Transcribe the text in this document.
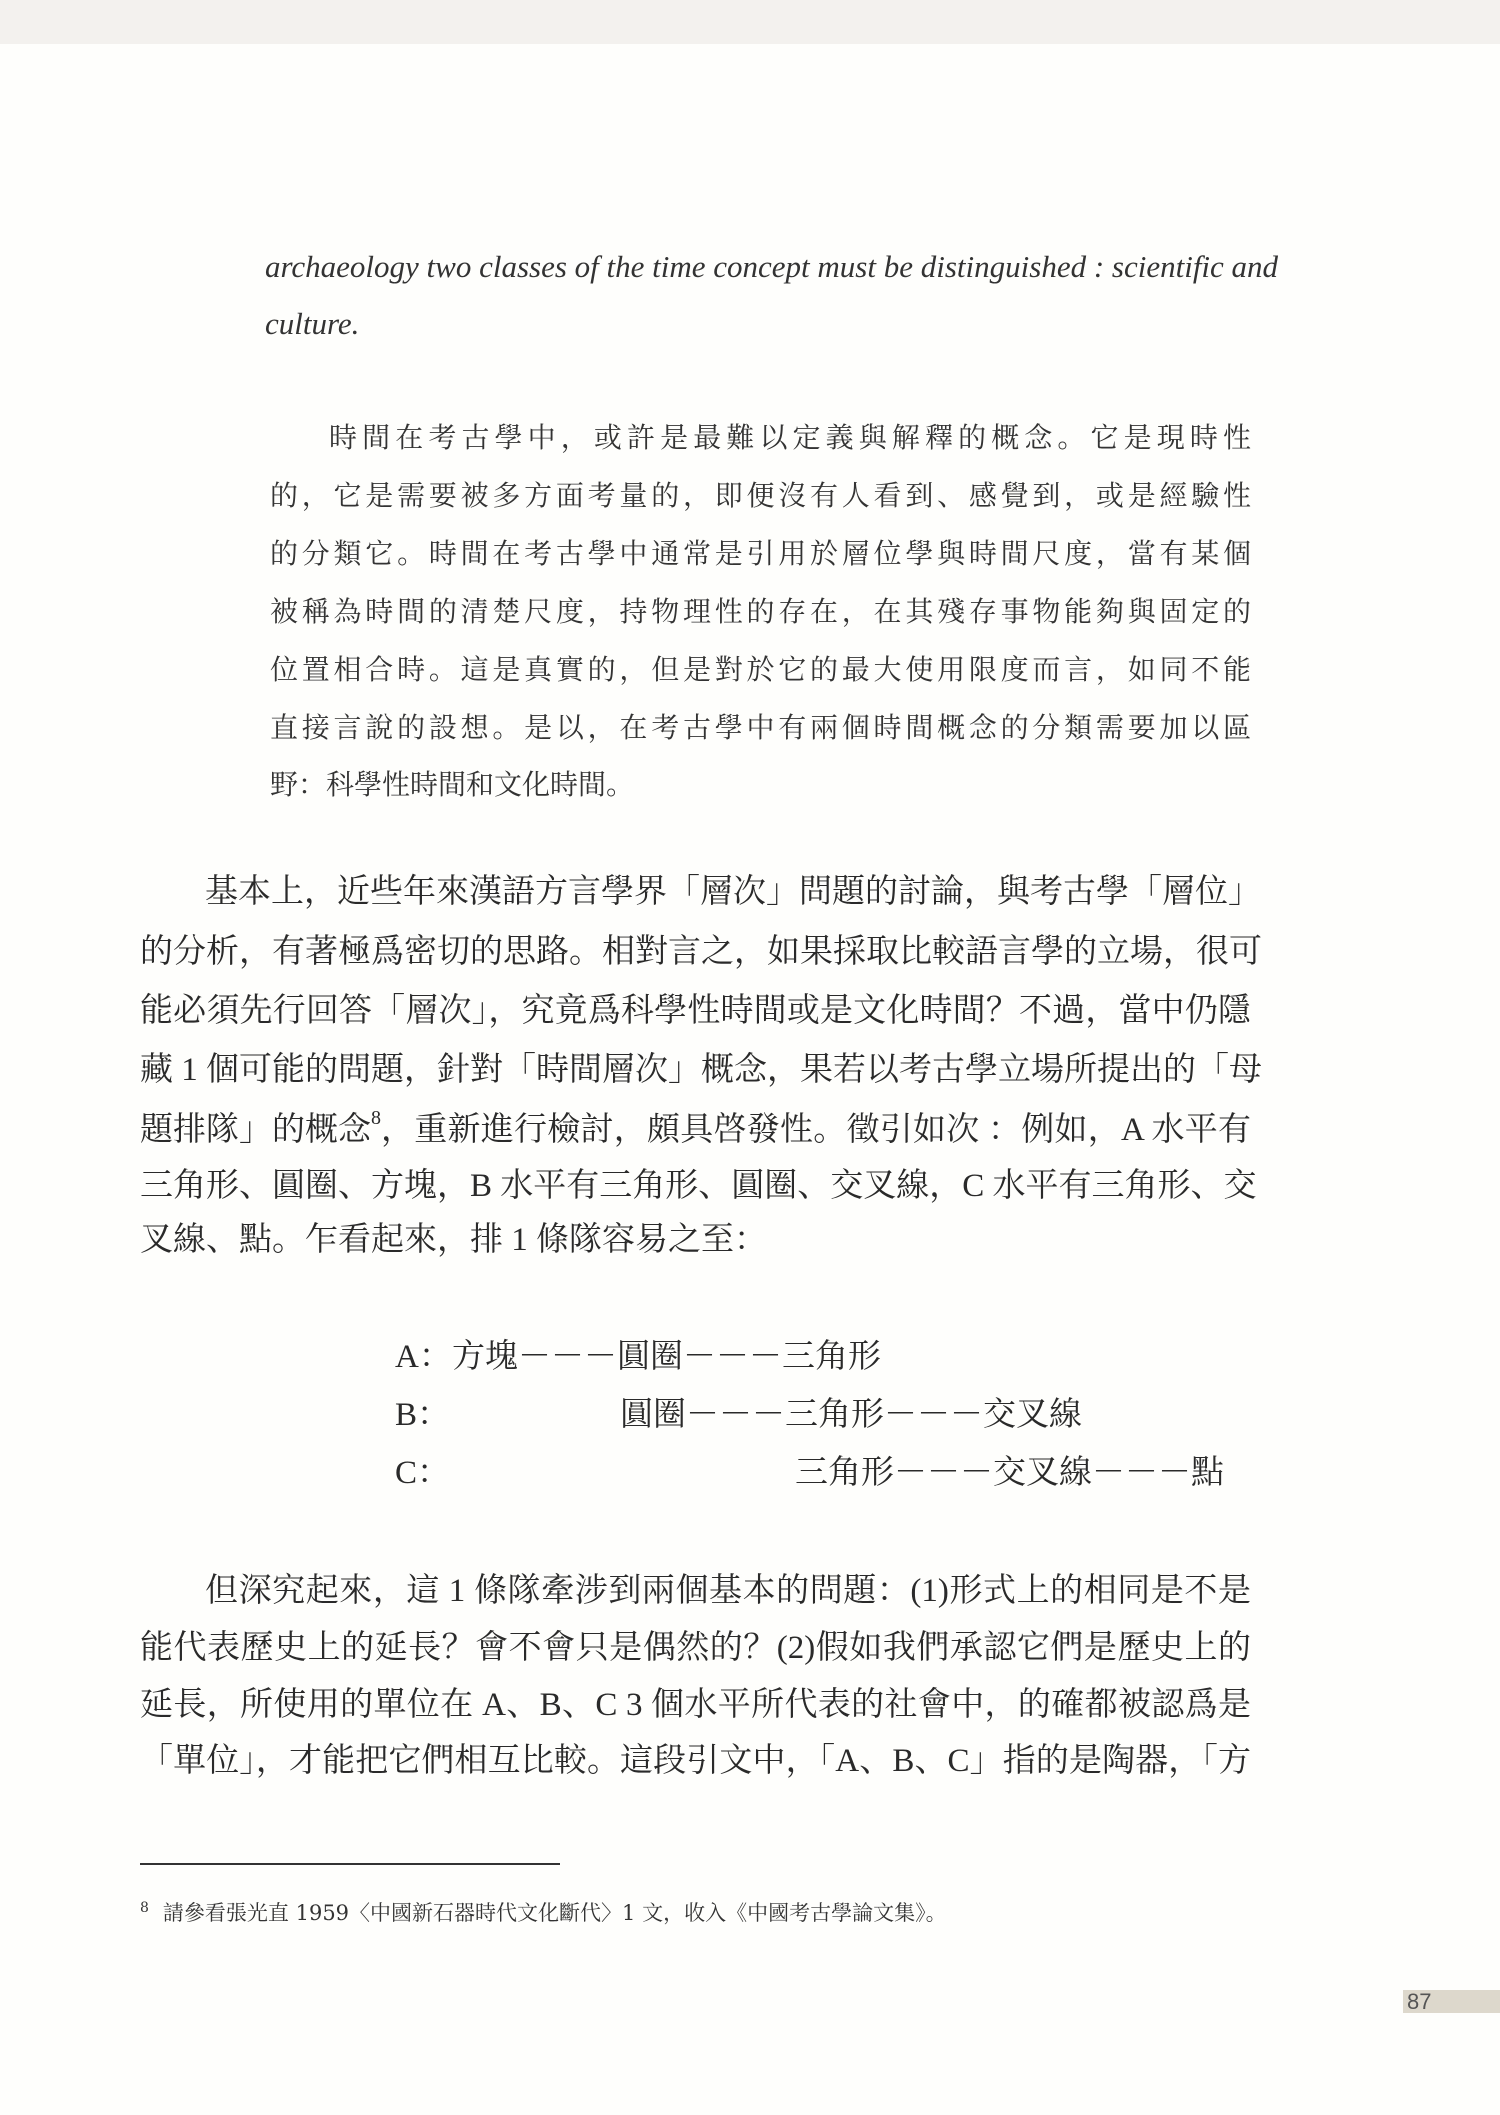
archaeology two classes of the time concept must be distinguished : scientific and
culture.
時間在考古學中，或許是最難以定義與解釋的概念。它是現時性
的，它是需要被多方面考量的，即便沒有人看到、感覺到，或是經驗性
的分類它。時間在考古學中通常是引用於層位學與時間尺度，當有某個
被稱為時間的清楚尺度，持物理性的存在，在其殘存事物能夠與固定的
位置相合時。這是真實的，但是對於它的最大使用限度而言，如同不能
直接言說的設想。是以，在考古學中有兩個時間概念的分類需要加以區
野：科學性時間和文化時間。
基本上，近些年來漢語方言學界「層次」問題的討論，與考古學「層位」
的分析，有著極爲密切的思路。相對言之，如果採取比較語言學的立場，很可
能必須先行回答「層次」，究竟爲科學性時間或是文化時間？不過，當中仍隱
藏 1 個可能的問題，針對「時間層次」概念，果若以考古學立場所提出的「母
題排隊」的概念 8 ，重新進行檢討，頗具啓發性。徵引如次 ：例如，A 水平有
三角形、圓圈、方塊，B 水平有三角形、圓圈、交叉線，C 水平有三角形、交
叉線、點。乍看起來，排 1 條隊容易之至：
A： 方塊－－－圓圈－－－三角形
B：	圓圈－－－三角形－－－交叉線
C：	三角形－－－交叉線－－－點
但深究起來，這 1 條隊牽涉到兩個基本的問題：(1)形式上的相同是不是
能代表歷史上的延長？會不會只是偶然的？(2)假如我們承認它們是歷史上的
延長，所使用的單位在 A、B、C 3 個水平所代表的社會中，的確都被認爲是
「單位」，才能把它們相互比較。這段引文中，「A、B、C」指的是陶器，「方
$^8$ 請參看張光直 1959〈中國新石器時代文化斷代〉1 文，收入《中國考古學論文集》。
87
